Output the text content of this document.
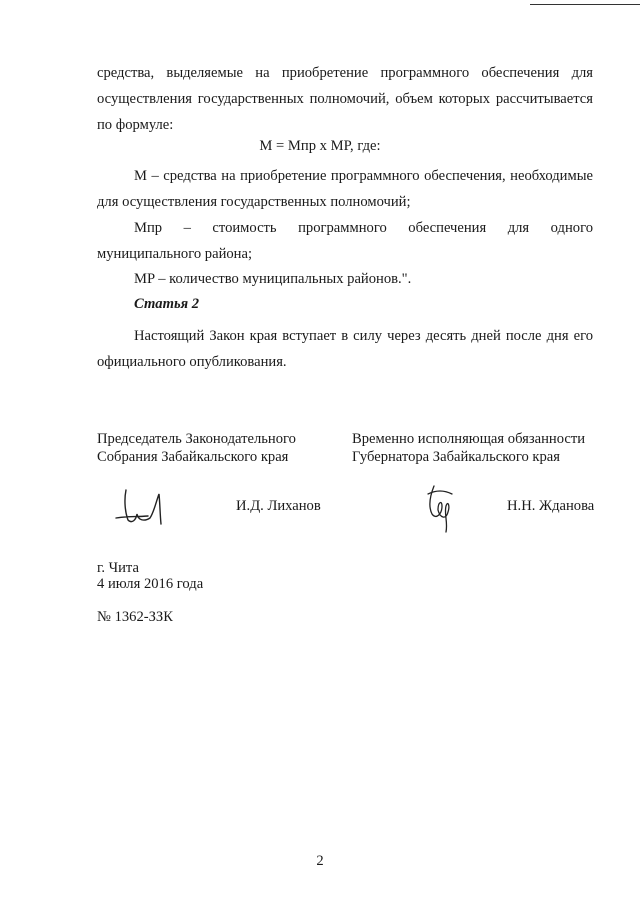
средства, выделяемые на приобретение программного обеспечения для осуществления государственных полномочий, объем которых рассчитывается по формуле:
M = Mпр x MP, где:
M – средства на приобретение программного обеспечения, необходимые для осуществления государственных полномочий;
Mпр – стоимость программного обеспечения для одного муниципального района;
MP – количество муниципальных районов.".
Статья 2
Настоящий Закон края вступает в силу через десять дней после дня его официального опубликования.
Председатель Законодательного
Собрания Забайкальского края
Временно исполняющая обязанности
Губернатора Забайкальского края
И.Д. Лиханов	Н.Н. Жданова
г. Чита
4 июля 2016 года
№ 1362-ЗЗК
2
